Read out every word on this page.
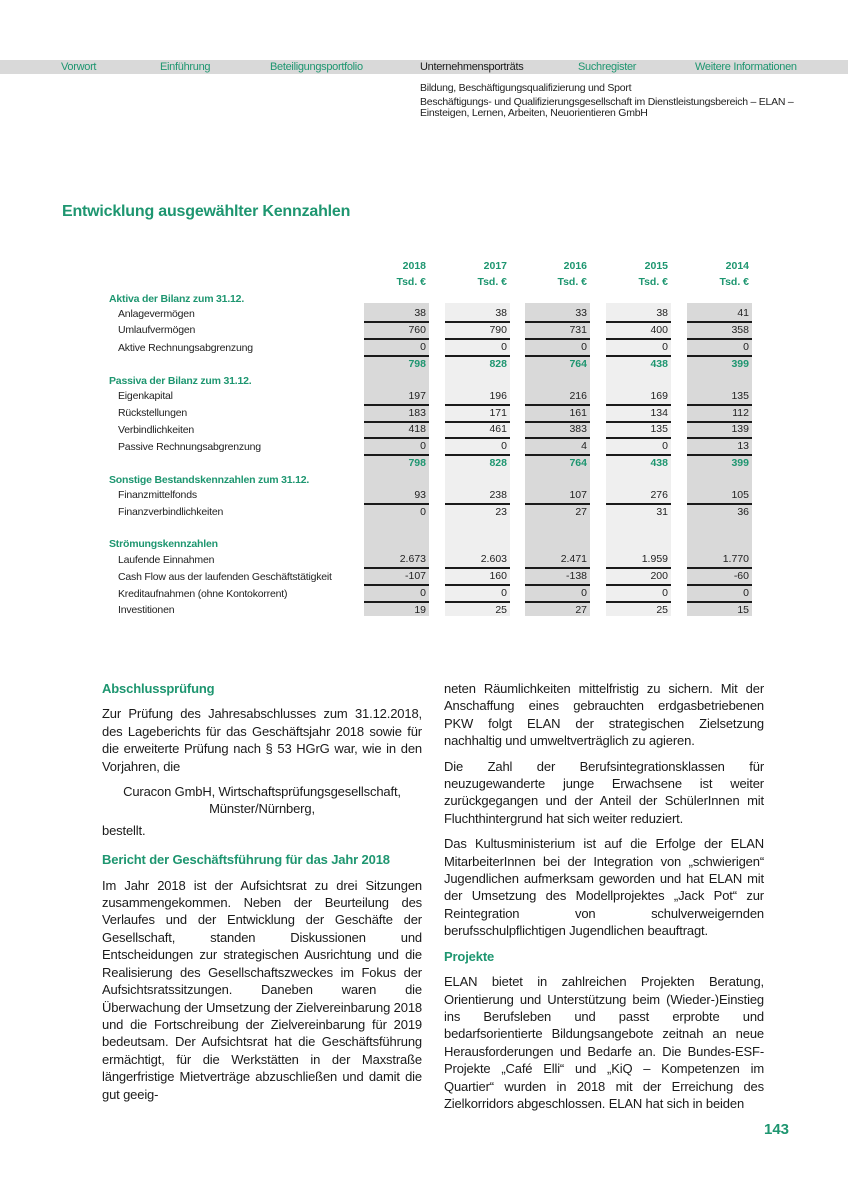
Vorwort	Einführung	Beteiligungsportfolio	Unternehmensporträts	Suchregister	Weitere Informationen
Bildung, Beschäftigungsqualifizierung und Sport
Beschäftigungs- und Qualifizierungsgesellschaft im Dienstleistungsbereich – ELAN –
Einsteigen, Lernen, Arbeiten, Neuorientieren GmbH
Entwicklung ausgewählter Kennzahlen
2018	2017	2016	2015	2014
Tsd. €	Tsd. €	Tsd. €	Tsd. €	Tsd. €
Aktiva der Bilanz zum 31.12.
Anlagevermögen	38	38	33	38	41
Umlaufvermögen	760	790	731	400	358
Aktive Rechnungsabgrenzung	0	0	0	0	0
798	828	764	438	399
Passiva der Bilanz zum 31.12.
Eigenkapital	197	196	216	169	135
Rückstellungen	183	171	161	134	112
Verbindlichkeiten	418	461	383	135	139
Passive Rechnungsabgrenzung	0	0	4	0	13
798	828	764	438	399
Sonstige Bestandskennzahlen zum 31.12.
Finanzmittelfonds	93	238	107	276	105
Finanzverbindlichkeiten	0	23	27	31	36
Strömungskennzahlen
Laufende Einnahmen	2.673	2.603	2.471	1.959	1.770
Cash Flow aus der laufenden Geschäftstätigkeit	-107	160	-138	200	-60
Kreditaufnahmen (ohne Kontokorrent)	0	0	0	0	0
Investitionen	19	25	27	25	15
Abschlussprüfung

Zur Prüfung des Jahresabschlusses zum 31.12.2018, des Lageberichts für das Geschäftsjahr 2018 sowie für die erweiterte Prüfung nach § 53 HGrG war, wie in den Vorjahren, die

Curacon GmbH, Wirtschaftsprüfungsgesellschaft,

Münster/Nürnberg,

bestellt.

Bericht der Geschäftsführung für das Jahr 2018

Im Jahr 2018 ist der Aufsichtsrat zu drei Sitzungen zusammengekommen. Neben der Beurteilung des Verlaufes und der Entwicklung der Geschäfte der Gesellschaft, standen Diskussionen und Entscheidungen zur strategischen Ausrichtung und die Realisierung des Gesellschaftszweckes im Fokus der Aufsichtsratssitzungen. Daneben waren die Überwachung der Umsetzung der Zielvereinbarung 2018 und die Fortschreibung der Zielvereinbarung für 2019 bedeutsam. Der Aufsichtsrat hat die Geschäftsführung ermächtigt, für die Werkstätten in der Maxstraße längerfristige Mietverträge abzuschließen und damit die gut geeig-

neten Räumlichkeiten mittelfristig zu sichern. Mit der Anschaffung eines gebrauchten erdgasbetriebenen PKW folgt ELAN der strategischen Zielsetzung nachhaltig und umweltverträglich zu agieren.

Die Zahl der Berufsintegrationsklassen für neuzugewanderte junge Erwachsene ist weiter zurückgegangen und der Anteil der SchülerInnen mit Fluchthintergrund hat sich weiter reduziert.

Das Kultusministerium ist auf die Erfolge der ELAN MitarbeiterInnen bei der Integration von „schwierigen“ Jugendlichen aufmerksam geworden und hat ELAN mit der Umsetzung des Modellprojektes „Jack Pot“ zur Reintegration von schulverweigernden berufsschulpflichtigen Jugendlichen beauftragt.

Projekte

ELAN bietet in zahlreichen Projekten Beratung, Orientierung und Unterstützung beim (Wieder-)Einstieg ins Berufsleben und passt erprobte und bedarfsorientierte Bildungsangebote zeitnah an neue Herausforderungen und Bedarfe an. Die Bundes-ESF-Projekte „Café Elli“ und „KiQ – Kompetenzen im Quartier“ wurden in 2018 mit der Erreichung des Zielkorridors abgeschlossen. ELAN hat sich in beiden

143
